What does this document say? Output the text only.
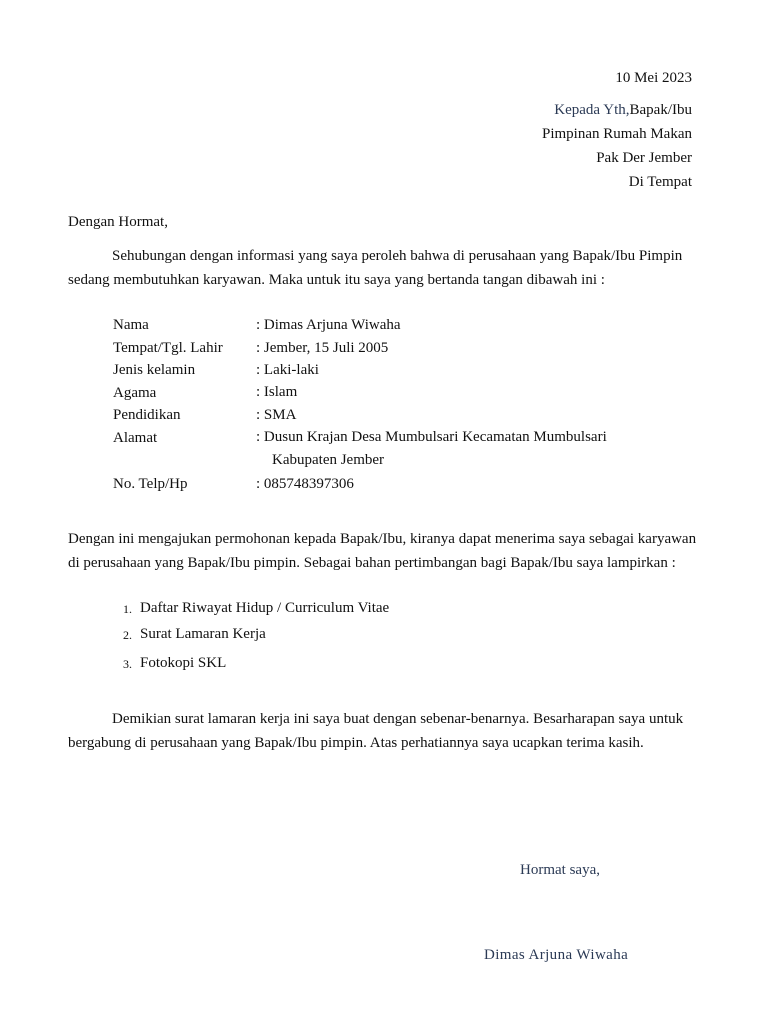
10 Mei 2023
Kepada Yth,Bapak/Ibu
Pimpinan Rumah Makan
Pak Der Jember
Di Tempat
Dengan Hormat,
Sehubungan dengan informasi yang saya peroleh bahwa di perusahaan yang Bapak/Ibu Pimpin sedang membutuhkan karyawan. Maka untuk itu saya yang bertanda tangan dibawah ini :
Nama	: Dimas Arjuna Wiwaha
Tempat/Tgl. Lahir : Jember, 15 Juli 2005
Jenis kelamin	: Laki-laki
Agama	: Islam
Pendidikan	: SMA
Alamat	: Dusun Krajan Desa Mumbulsari Kecamatan Mumbulsari
Kabupaten Jember
No. Telp/Hp	: 085748397306
Dengan ini mengajukan permohonan kepada Bapak/Ibu, kiranya dapat menerima saya sebagai karyawan di perusahaan yang Bapak/Ibu pimpin. Sebagai bahan pertimbangan bagi Bapak/Ibu saya lampirkan :
1. Daftar Riwayat Hidup / Curriculum Vitae
2. Surat Lamaran Kerja
3. Fotokopi SKL
Demikian surat lamaran kerja ini saya buat dengan sebenar-benarnya. Besarharapan saya untuk bergabung di perusahaan yang Bapak/Ibu pimpin. Atas perhatiannya saya ucapkan terima kasih.
Hormat saya,
Dimas Arjuna Wiwaha
